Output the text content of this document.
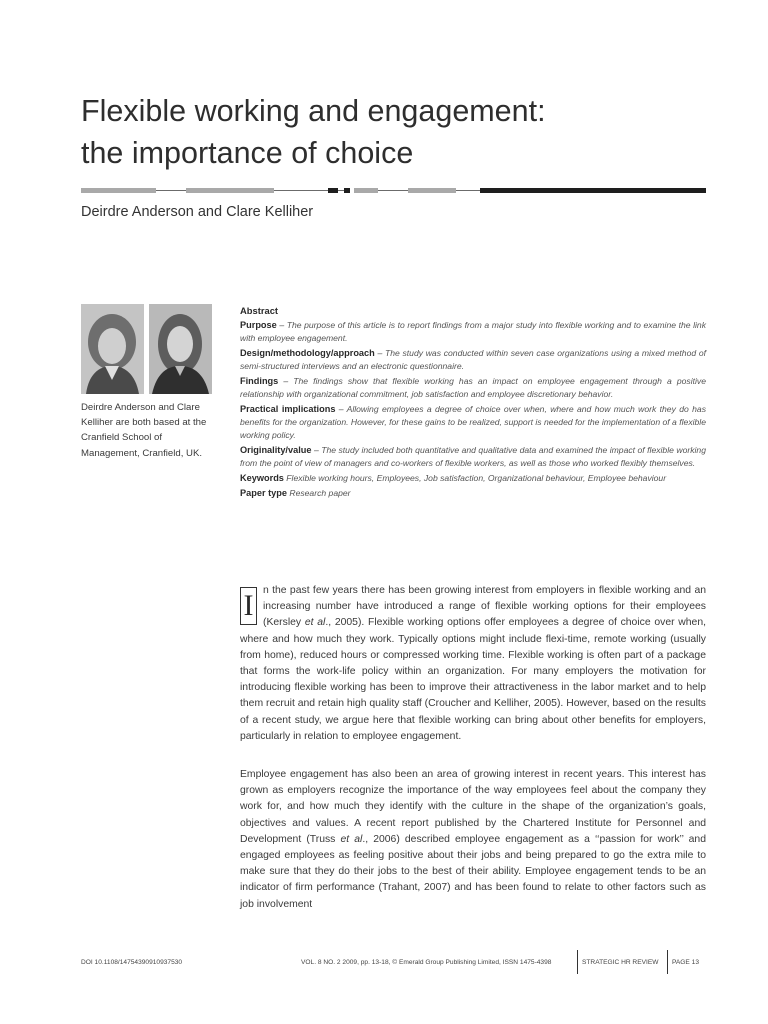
Flexible working and engagement:
the importance of choice

Deirdre Anderson and Clare Kelliher

Deirdre Anderson and Clare Kelliher are both based at the Cranfield School of Management, Cranfield, UK.

Abstract

Purpose – The purpose of this article is to report findings from a major study into flexible working and to examine the link with employee engagement.

Design/methodology/approach – The study was conducted within seven case organizations using a mixed method of semi-structured interviews and an electronic questionnaire.

Findings – The findings show that flexible working has an impact on employee engagement through a positive relationship with organizational commitment, job satisfaction and employee discretionary behavior.

Practical implications – Allowing employees a degree of choice over when, where and how much work they do has benefits for the organization. However, for these gains to be realized, support is needed for the implementation of a flexible working policy.

Originality/value – The study included both quantitative and qualitative data and examined the impact of flexible working from the point of view of managers and co-workers of flexible workers, as well as those who worked flexibly themselves.

Keywords Flexible working hours, Employees, Job satisfaction, Organizational behaviour, Employee behaviour

Paper type Research paper

I n the past few years there has been growing interest from employers in flexible working and an increasing number have introduced a range of flexible working options for their employees (Kersley et al., 2005). Flexible working options offer employees a degree of choice over when, where and how much they work. Typically options might include flexi-time, remote working (usually from home), reduced hours or compressed working time. Flexible working is often part of a package that forms the work-life policy within an organization. For many employers the motivation for introducing flexible working has been to improve their attractiveness in the labor market and to help them recruit and retain high quality staff (Croucher and Kelliher, 2005). However, based on the results of a recent study, we argue here that flexible working can bring about other benefits for employers, particularly in relation to employee engagement.

Employee engagement has also been an area of growing interest in recent years. This interest has grown as employers recognize the importance of the way employees feel about the company they work for, and how much they identify with the culture in the shape of the organization’s goals, objectives and values. A recent report published by the Chartered Institute for Personnel and Development (Truss et al., 2006) described employee engagement as a ‘‘passion for work’’ and engaged employees as feeling positive about their jobs and being prepared to go the extra mile to make sure that they do their jobs to the best of their ability. Employee engagement tends to be an indicator of firm performance (Trahant, 2007) and has been found to relate to other factors such as job involvement

DOI 10.1108/14754390910937530	VOL. 8 NO. 2 2009, pp. 13-18, © Emerald Group Publishing Limited, ISSN 1475-4398	STRATEGIC HR REVIEW PAGE 13
